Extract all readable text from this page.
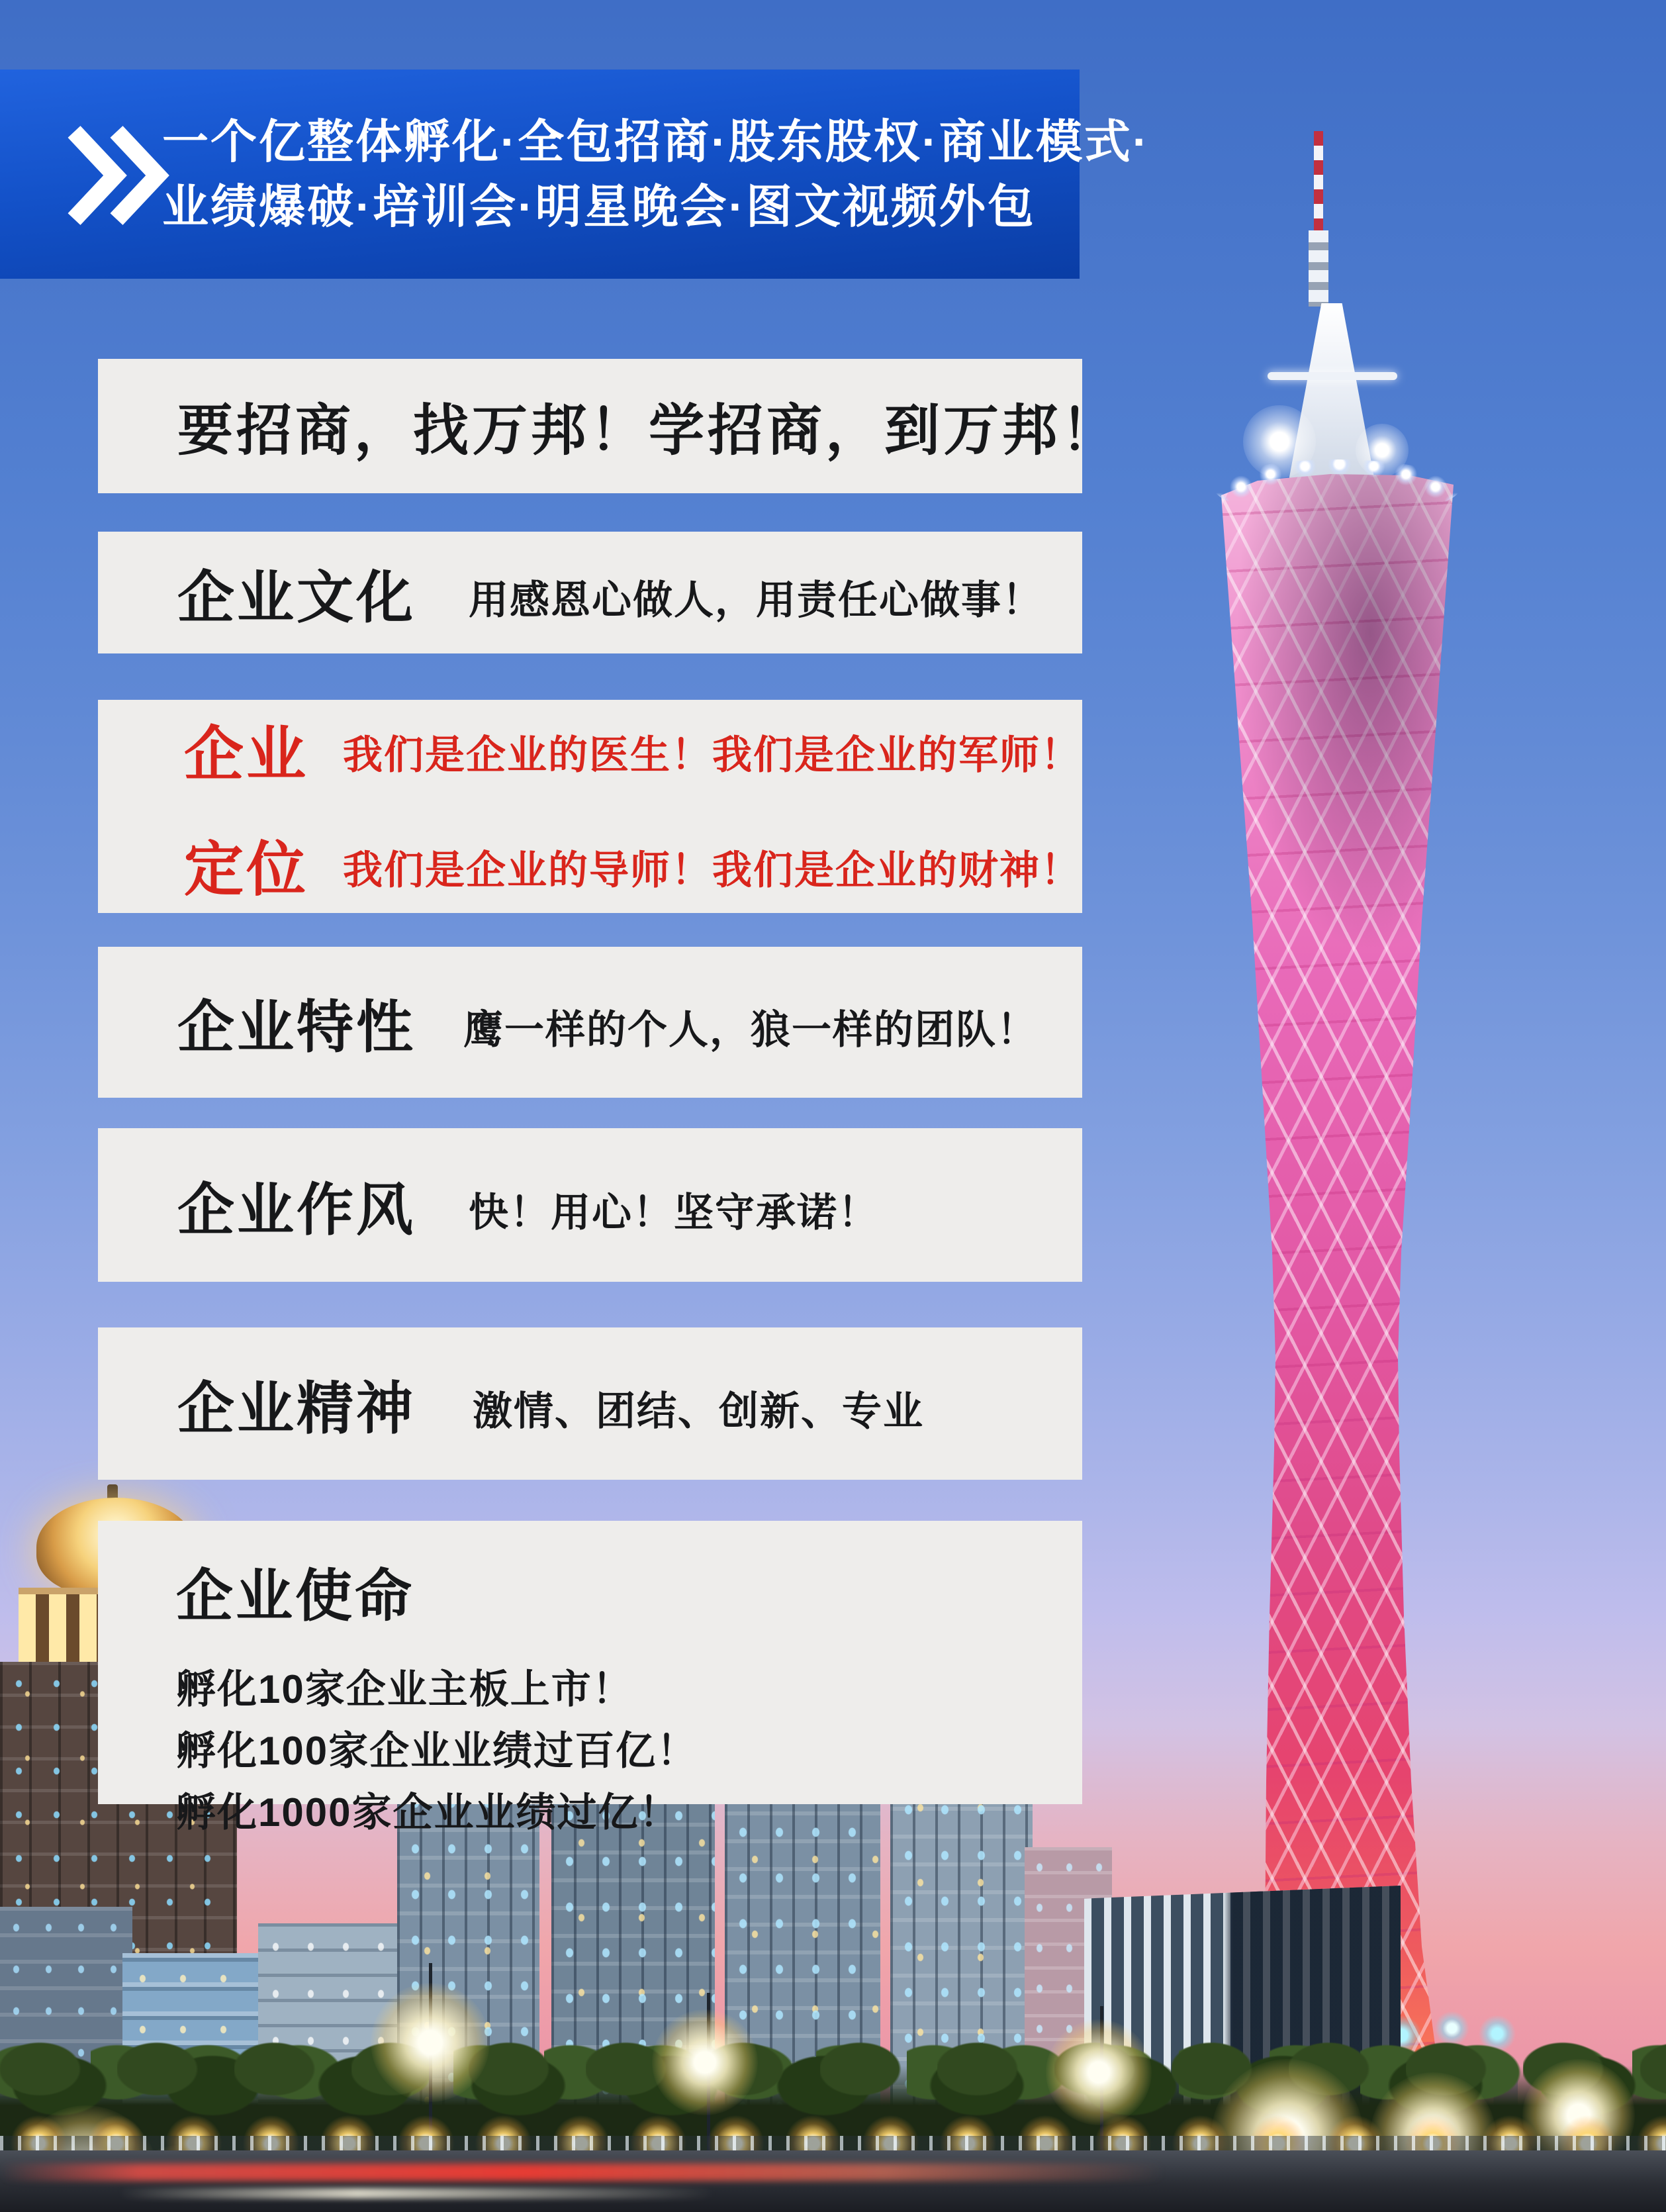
一个亿整体孵化·全包招商·股东股权·商业模式·
业绩爆破·培训会·明星晚会·图文视频外包
要招商，找万邦！学招商，到万邦！
企业文化 用感恩心做人，用责任心做事！
企业 我们是企业的医生！我们是企业的军师！
定位 我们是企业的导师！我们是企业的财神！
企业特性 鹰一样的个人，狼一样的团队！
企业作风 快！用心！坚守承诺！
企业精神 激情、团结、创新、专业
企业使命
孵化10家企业主板上市！
孵化100家企业业绩过百亿！
孵化1000家企业业绩过亿！
